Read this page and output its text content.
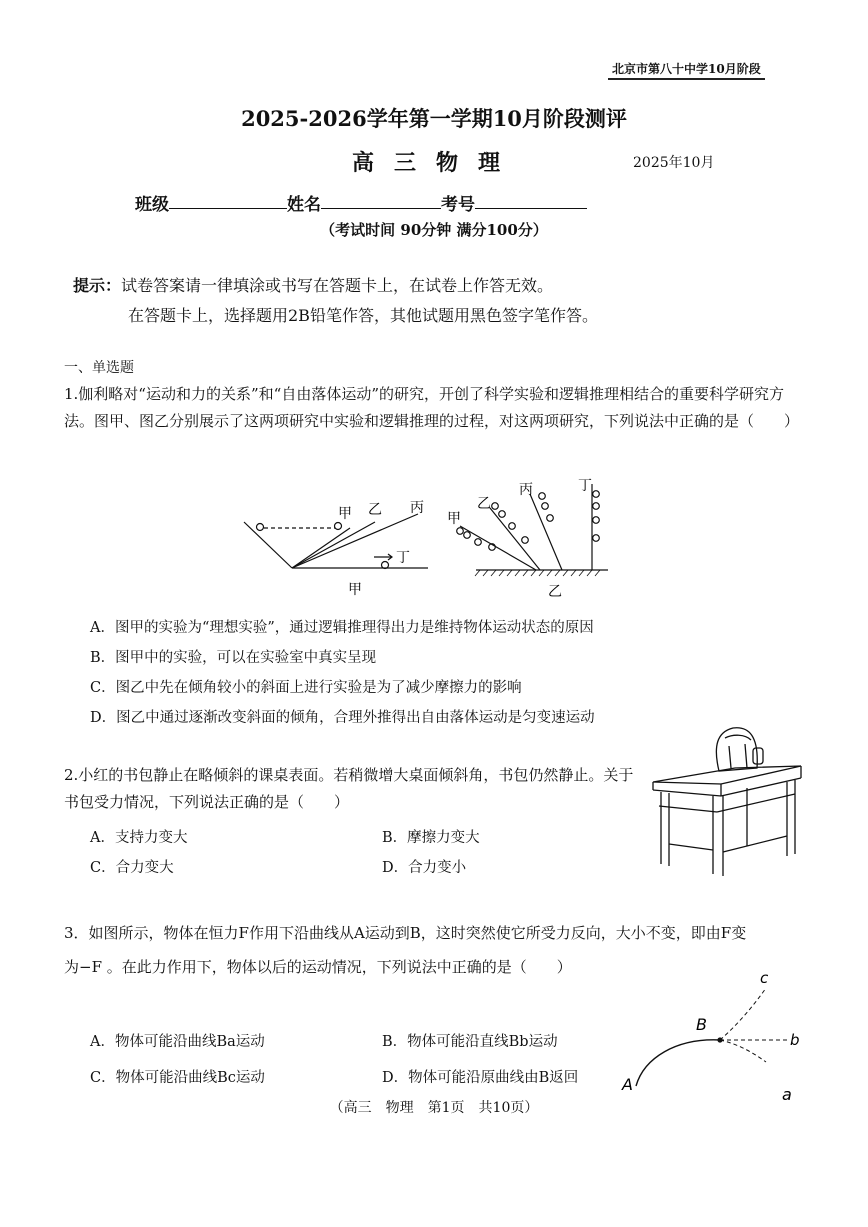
北京市第八十中学10月阶段
2025-2026学年第一学期10月阶段测评
高三物理	2025年10月
班级	姓名	考号
（考试时间 90分钟 满分100分）
提示：试卷答案请一律填涂或书写在答题卡上，在试卷上作答无效。
在答题卡上，选择题用2B铅笔作答，其他试题用黑色签字笔作答。
一、单选题
1.伽利略对“运动和力的关系”和“自由落体运动”的研究，开创了科学实验和逻辑推理相结合的重要科学研究方法。图甲、图乙分别展示了这两项研究中实验和逻辑推理的过程，对这两项研究，下列说法中正确的是（　　）
甲 乙 丙
丁
甲
甲
乙
丙	丁
乙
A．图甲的实验为“理想实验”，通过逻辑推理得出力是维持物体运动状态的原因
B．图甲中的实验，可以在实验室中真实呈现
C．图乙中先在倾角较小的斜面上进行实验是为了减少摩擦力的影响
D．图乙中通过逐渐改变斜面的倾角，合理外推得出自由落体运动是匀变速运动
2.小红的书包静止在略倾斜的课桌表面。若稍微增大桌面倾斜角，书包仍然静止。关于书包受力情况，下列说法正确的是（　　）
A．支持力变大	B．摩擦力变大
C．合力变大	D．合力变小
3．如图所示，物体在恒力F作用下沿曲线从A运动到B，这时突然使它所受力反向，大小不变，即由F变
为−F 。在此力作用下，物体以后的运动情况，下列说法中正确的是（　　）
A．物体可能沿曲线Ba运动	B．物体可能沿直线Bb运动
C．物体可能沿曲线Bc运动	D．物体可能沿原曲线由B返回	A
B
b
c
a
（高三　物理　第1页　共10页）
